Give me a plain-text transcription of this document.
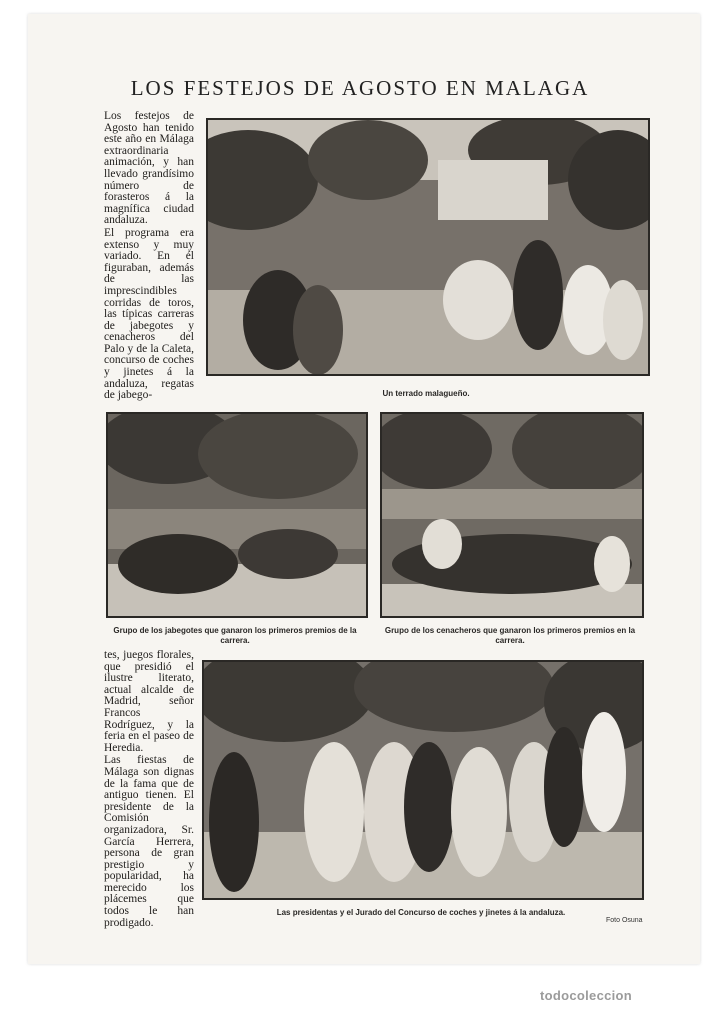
LOS FESTEJOS DE AGOSTO EN MALAGA

Los festejos de Agosto han tenido este año en Málaga extraordinaria animación, y han llevado grandísimo número de forasteros á la magnífica ciudad andaluza.

El programa era extenso y muy variado. En él figuraban, además de las imprescindibles corridas de toros, las típicas carreras de jabegotes y cenacheros del Palo y de la Caleta, concurso de coches y jinetes á la andaluza, regatas de jabego-	Un terrado malagueño.
Grupo de los jabegotes que ganaron los primeros premios de la carrera.
Grupo de los cenacheros que ganaron los primeros premios en la carrera.

tes, juegos florales, que presidió el ilustre literato, actual alcalde de Madrid, señor Francos Rodríguez, y la feria en el paseo de Heredia.

Las fiestas de Málaga son dignas de la fama que de antiguo tienen. El presidente de la Comisión organizadora, Sr. García Herrera, persona de gran prestigio y popularidad, ha merecido los plácemes que todos le han prodigado.

Las presidentas y el Jurado del Concurso de coches y jinetes á la andaluza.
Foto Osuna
todocoleccion
